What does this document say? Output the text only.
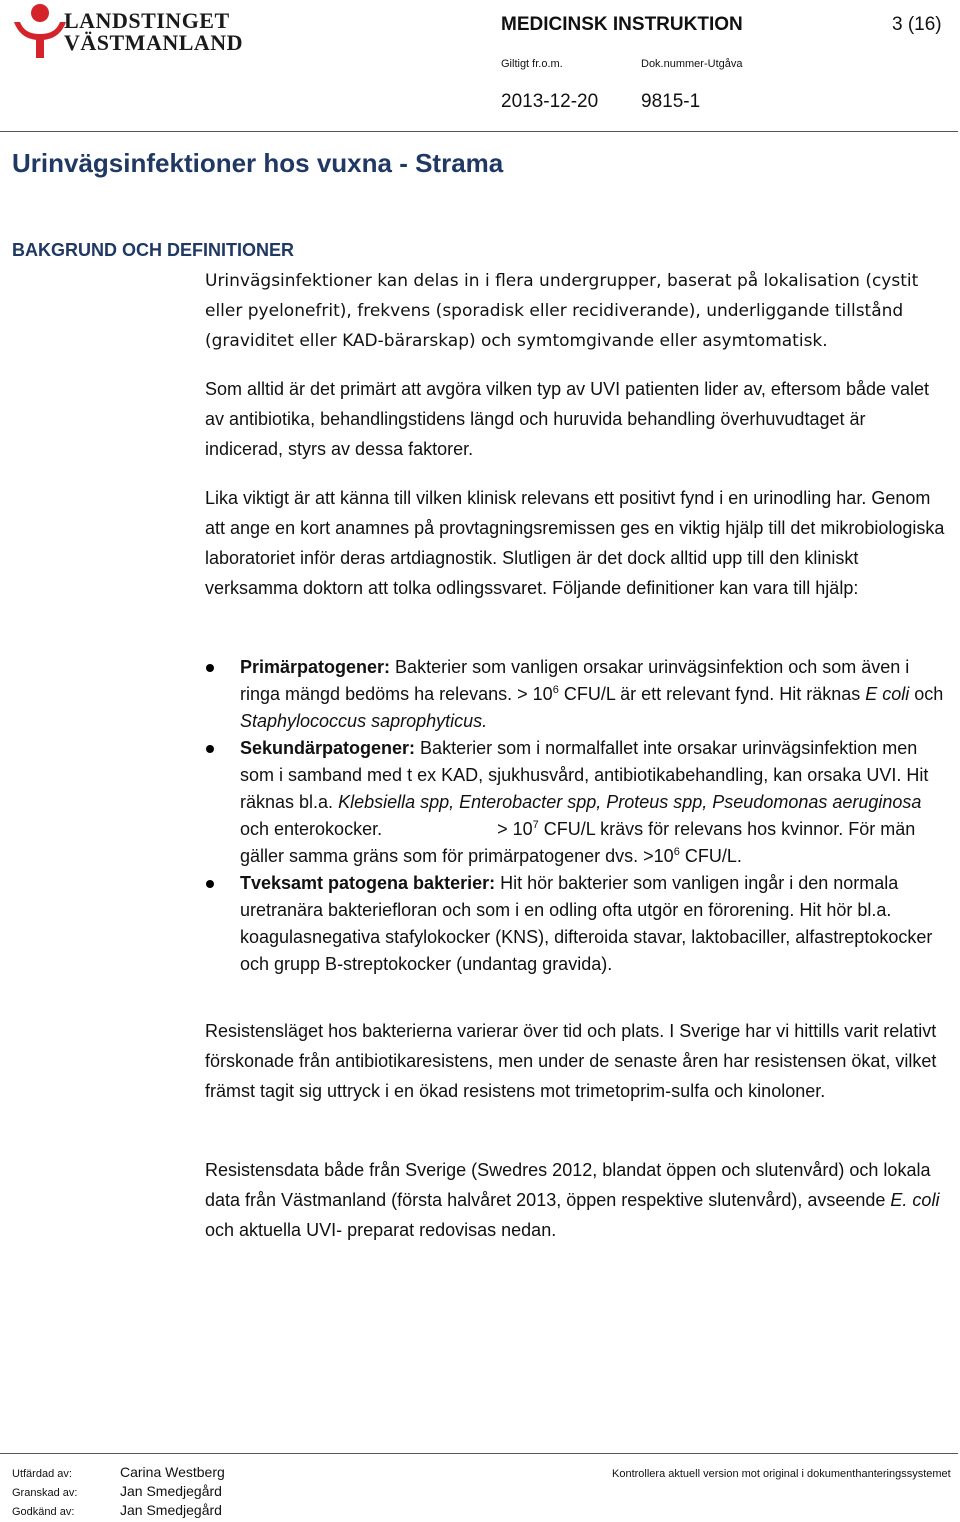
LANDSTINGET
VÄSTMANLAND
MEDICINSK INSTRUKTION	3 (16)
Giltigt fr.o.m.	Dok.nummer-Utgåva
2013-12-20 9815-1
Urinvägsinfektioner hos vuxna - Strama
BAKGRUND OCH DEFINITIONER
Urinvägsinfektioner kan delas in i flera undergrupper, baserat på lokalisation (cystit eller pyelonefrit), frekvens (sporadisk eller recidiverande), underliggande tillstånd (graviditet eller KAD-bärarskap) och symtomgivande eller asymtomatisk.
Som alltid är det primärt att avgöra vilken typ av UVI patienten lider av, eftersom både valet av antibiotika, behandlingstidens längd och huruvida behandling överhuvudtaget är indicerad, styrs av dessa faktorer.
Lika viktigt är att känna till vilken klinisk relevans ett positivt fynd i en urinodling har. Genom att ange en kort anamnes på provtagningsremissen ges en viktig hjälp till det mikrobiologiska laboratoriet inför deras artdiagnostik. Slutligen är det dock alltid upp till den kliniskt verksamma doktorn att tolka odlingssvaret. Följande definitioner kan vara till hjälp:
Primärpatogener: Bakterier som vanligen orsakar urinvägsinfektion och som även i ringa mängd bedöms ha relevans. > $10^6$ CFU/L är ett relevant fynd. Hit räknas E coli och Staphylococcus saprophyticus.
Sekundärpatogener: Bakterier som i normalfallet inte orsakar urinvägsinfektion men som i samband med t ex KAD, sjukhusvård, antibiotikabehandling, kan orsaka UVI. Hit räknas bl.a. Klebsiella spp, Enterobacter spp, Proteus spp, Pseudomonas aeruginosa och enterokocker.	> $10^7$ CFU/L krävs för relevans hos kvinnor. För män gäller samma gräns som för primärpatogener dvs. $>10^6$ CFU/L.
Tveksamt patogena bakterier: Hit hör bakterier som vanligen ingår i den normala uretranära bakteriefloran och som i en odling ofta utgör en förorening. Hit hör bl.a. koagulasnegativa stafylokocker (KNS), difteroida stavar, laktobaciller, alfastreptokocker och grupp B-streptokocker (undantag gravida).
Resistensläget hos bakterierna varierar över tid och plats. I Sverige har vi hittills varit relativt förskonade från antibiotikaresistens, men under de senaste åren har resistensen ökat, vilket främst tagit sig uttryck i en ökad resistens mot trimetoprim-sulfa och kinoloner.
Resistensdata både från Sverige (Swedres 2012, blandat öppen och slutenvård) och lokala data från Västmanland (första halvåret 2013, öppen respektive slutenvård), avseende E. coli och aktuella UVI- preparat redovisas nedan.
Utfärdad av:	Carina Westberg
Granskad av:	Jan Smedjegård
Godkänd av:	Jan Smedjegård
Kontrollera aktuell version mot original i dokumenthanteringssystemet
